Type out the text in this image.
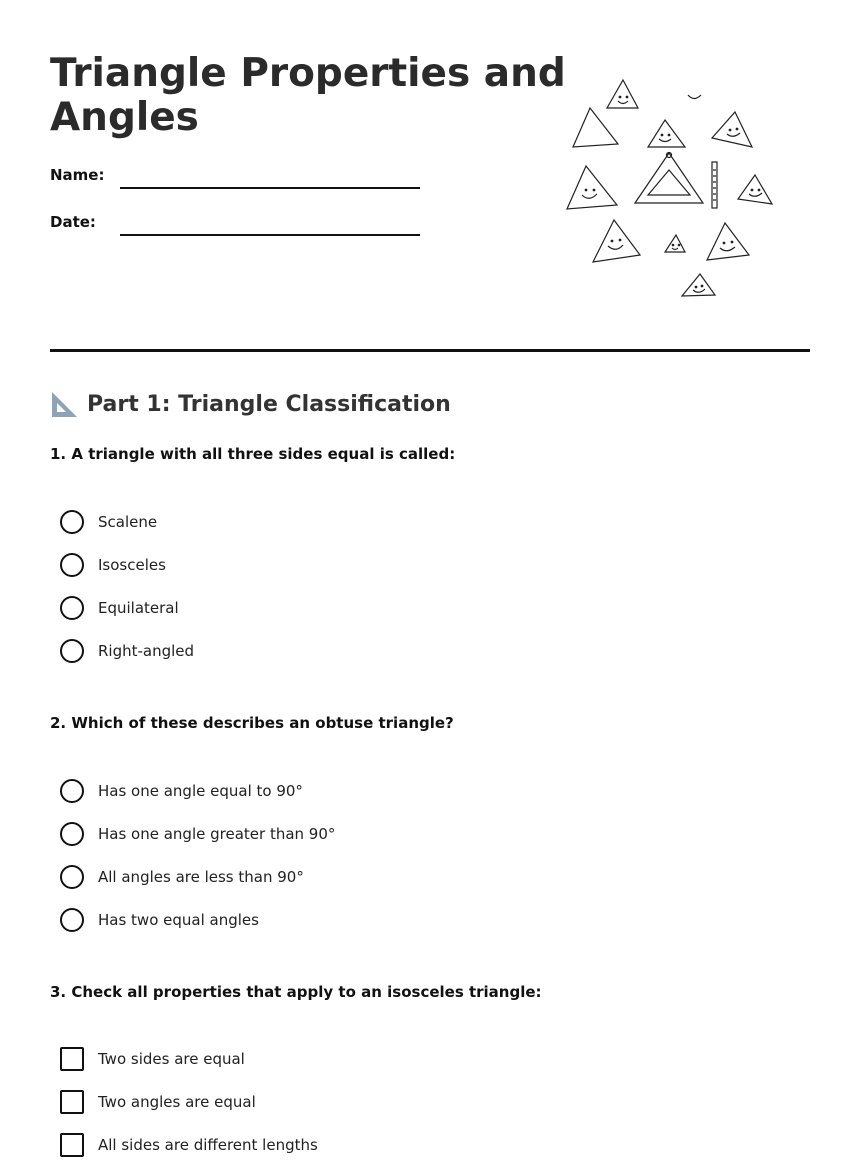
Triangle Properties and Angles
Name:
Date:
Part 1: Triangle Classification
1. A triangle with all three sides equal is called:
Scalene
Isosceles
Equilateral
Right-angled
2. Which of these describes an obtuse triangle?
Has one angle equal to 90°
Has one angle greater than 90°
All angles are less than 90°
Has two equal angles
3. Check all properties that apply to an isosceles triangle:
Two sides are equal
Two angles are equal
All sides are different lengths
